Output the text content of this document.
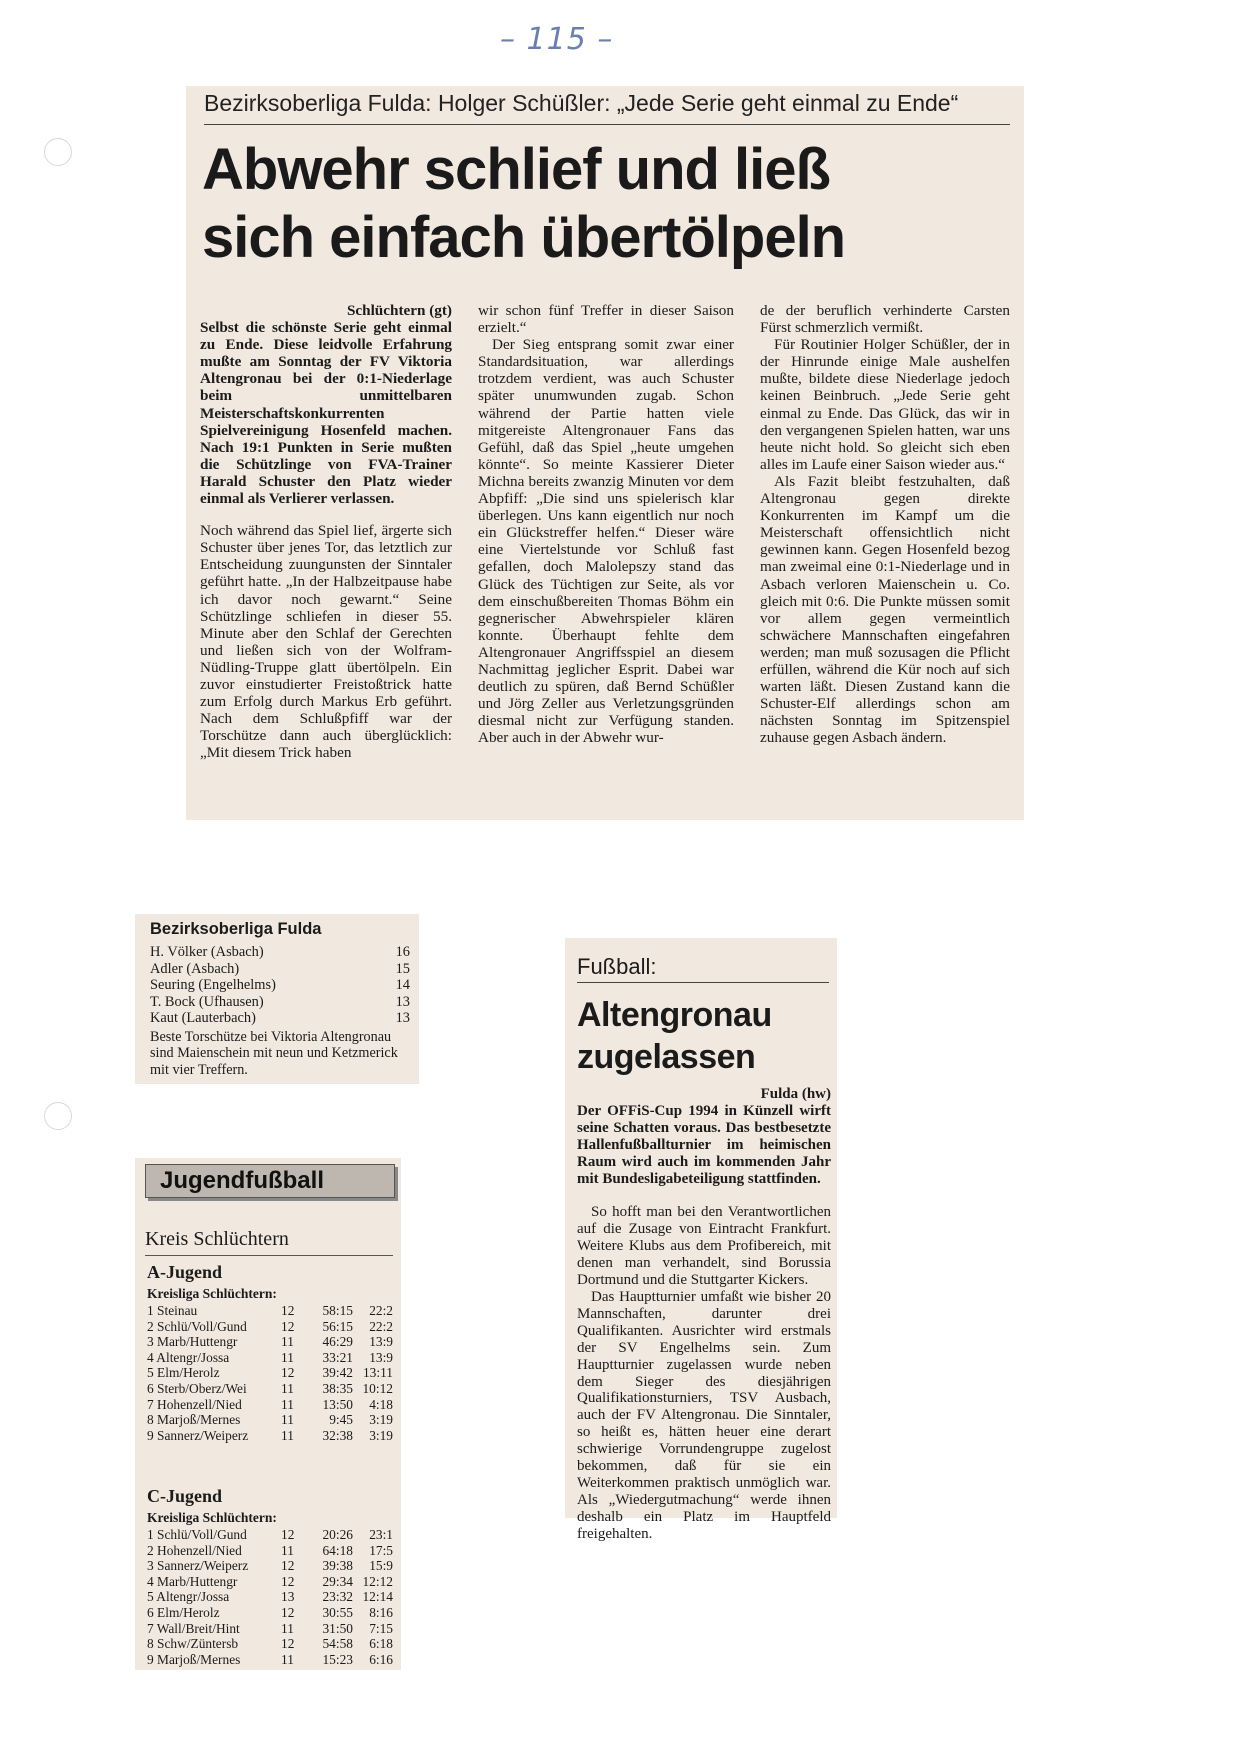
– 115 –
Bezirksoberliga Fulda: Holger Schüßler: „Jede Serie geht einmal zu Ende“
Abwehr schlief und ließ
sich einfach übertölpeln

Schlüchtern (gt)

Selbst die schönste Serie geht einmal zu Ende. Diese leidvolle Erfahrung mußte am Sonntag der FV Viktoria Altengronau bei der 0:1-Niederlage beim unmittelbaren Meisterschaftskonkurrenten Spielvereinigung Hosenfeld machen. Nach 19:1 Punkten in Serie mußten die Schützlinge von FVA-Trainer Harald Schuster den Platz wieder einmal als Verlierer verlassen.

Noch während das Spiel lief, ärgerte sich Schuster über jenes Tor, das letztlich zur Entscheidung zuungunsten der Sinntaler geführt hatte. „In der Halbzeitpause habe ich davor noch gewarnt.“ Seine Schützlinge schliefen in dieser 55. Minute aber den Schlaf der Gerechten und ließen sich von der Wolfram-Nüdling-Truppe glatt übertölpeln. Ein zuvor einstudierter Freistoßtrick hatte zum Erfolg durch Markus Erb geführt. Nach dem Schlußpfiff war der Torschütze dann auch überglücklich: „Mit diesem Trick haben

wir schon fünf Treffer in dieser Saison erzielt.“

Der Sieg entsprang somit zwar einer Standardsituation, war allerdings trotzdem verdient, was auch Schuster später unumwunden zugab. Schon während der Partie hatten viele mitgereiste Altengronauer Fans das Gefühl, daß das Spiel „heute umgehen könnte“. So meinte Kassierer Dieter Michna bereits zwanzig Minuten vor dem Abpfiff: „Die sind uns spielerisch klar überlegen. Uns kann eigentlich nur noch ein Glückstreffer helfen.“ Dieser wäre eine Viertelstunde vor Schluß fast gefallen, doch Malolepszy stand das Glück des Tüchtigen zur Seite, als vor dem einschußbereiten Thomas Böhm ein gegnerischer Abwehrspieler klären konnte. Überhaupt fehlte dem Altengronauer Angriffsspiel an diesem Nachmittag jeglicher Esprit. Dabei war deutlich zu spüren, daß Bernd Schüßler und Jörg Zeller aus Verletzungsgründen diesmal nicht zur Verfügung standen. Aber auch in der Abwehr wur-

de der beruflich verhinderte Carsten Fürst schmerzlich vermißt.

Für Routinier Holger Schüßler, der in der Hinrunde einige Male aushelfen mußte, bildete diese Niederlage jedoch keinen Beinbruch. „Jede Serie geht einmal zu Ende. Das Glück, das wir in den vergangenen Spielen hatten, war uns heute nicht hold. So gleicht sich eben alles im Laufe einer Saison wieder aus.“

Als Fazit bleibt festzuhalten, daß Altengronau gegen direkte Konkurrenten im Kampf um die Meisterschaft offensichtlich nicht gewinnen kann. Gegen Hosenfeld bezog man zweimal eine 0:1-Niederlage und in Asbach verloren Maienschein u. Co. gleich mit 0:6. Die Punkte müssen somit vor allem gegen vermeintlich schwächere Mannschaften eingefahren werden; man muß sozusagen die Pflicht erfüllen, während die Kür noch auf sich warten läßt. Diesen Zustand kann die Schuster-Elf allerdings schon am nächsten Sonntag im Spitzenspiel zuhause gegen Asbach ändern.

Bezirksoberliga Fulda
H. Völker (Asbach)	16
Adler (Asbach)	15
Seuring (Engelhelms)	14
T. Bock (Ufhausen)	13
Kaut (Lauterbach)	13
Beste Torschütze bei Viktoria Altengronau sind Maienschein mit neun und Ketzmerick mit vier Treffern.
Jugendfußball
Kreis Schlüchtern
A-Jugend
Kreisliga Schlüchtern:
1 Steinau	12	58:15	22:2
2 Schlü/Voll/Gund	12	56:15	22:2
3 Marb/Huttengr	11	46:29	13:9
4 Altengr/Jossa	11	33:21	13:9
5 Elm/Herolz	12	39:42 13:11
6 Sterb/Oberz/Wei	11	38:35 10:12
7 Hohenzell/Nied	11	13:50	4:18
8 Marjoß/Mernes	11	9:45	3:19
9 Sannerz/Weiperz	11	32:38	3:19
C-Jugend
Kreisliga Schlüchtern:
1 Schlü/Voll/Gund	12	20:26	23:1
2 Hohenzell/Nied	11	64:18	17:5
3 Sannerz/Weiperz	12	39:38	15:9
4 Marb/Huttengr	12	29:34 12:12
5 Altengr/Jossa	13	23:32 12:14
6 Elm/Herolz	12	30:55	8:16
7 Wall/Breit/Hint	11	31:50	7:15
8 Schw/Züntersb	12	54:58	6:18
9 Marjoß/Mernes	11	15:23	6:16
Fußball:
Altengronau
zugelassen

Fulda (hw)

Der OFFiS-Cup 1994 in Künzell wirft seine Schatten voraus. Das bestbesetzte Hallenfußballturnier im heimischen Raum wird auch im kommenden Jahr mit Bundesligabeteiligung stattfinden.

So hofft man bei den Verantwortlichen auf die Zusage von Eintracht Frankfurt. Weitere Klubs aus dem Profibereich, mit denen man verhandelt, sind Borussia Dortmund und die Stuttgarter Kickers.

Das Hauptturnier umfaßt wie bisher 20 Mannschaften, darunter drei Qualifikanten. Ausrichter wird erstmals der SV Engelhelms sein. Zum Hauptturnier zugelassen wurde neben dem Sieger des diesjährigen Qualifikationsturniers, TSV Ausbach, auch der FV Altengronau. Die Sinntaler, so heißt es, hätten heuer eine derart schwierige Vorrundengruppe zugelost bekommen, daß für sie ein Weiterkommen praktisch unmöglich war. Als „Wiedergutmachung“ werde ihnen deshalb ein Platz im Hauptfeld freigehalten.
